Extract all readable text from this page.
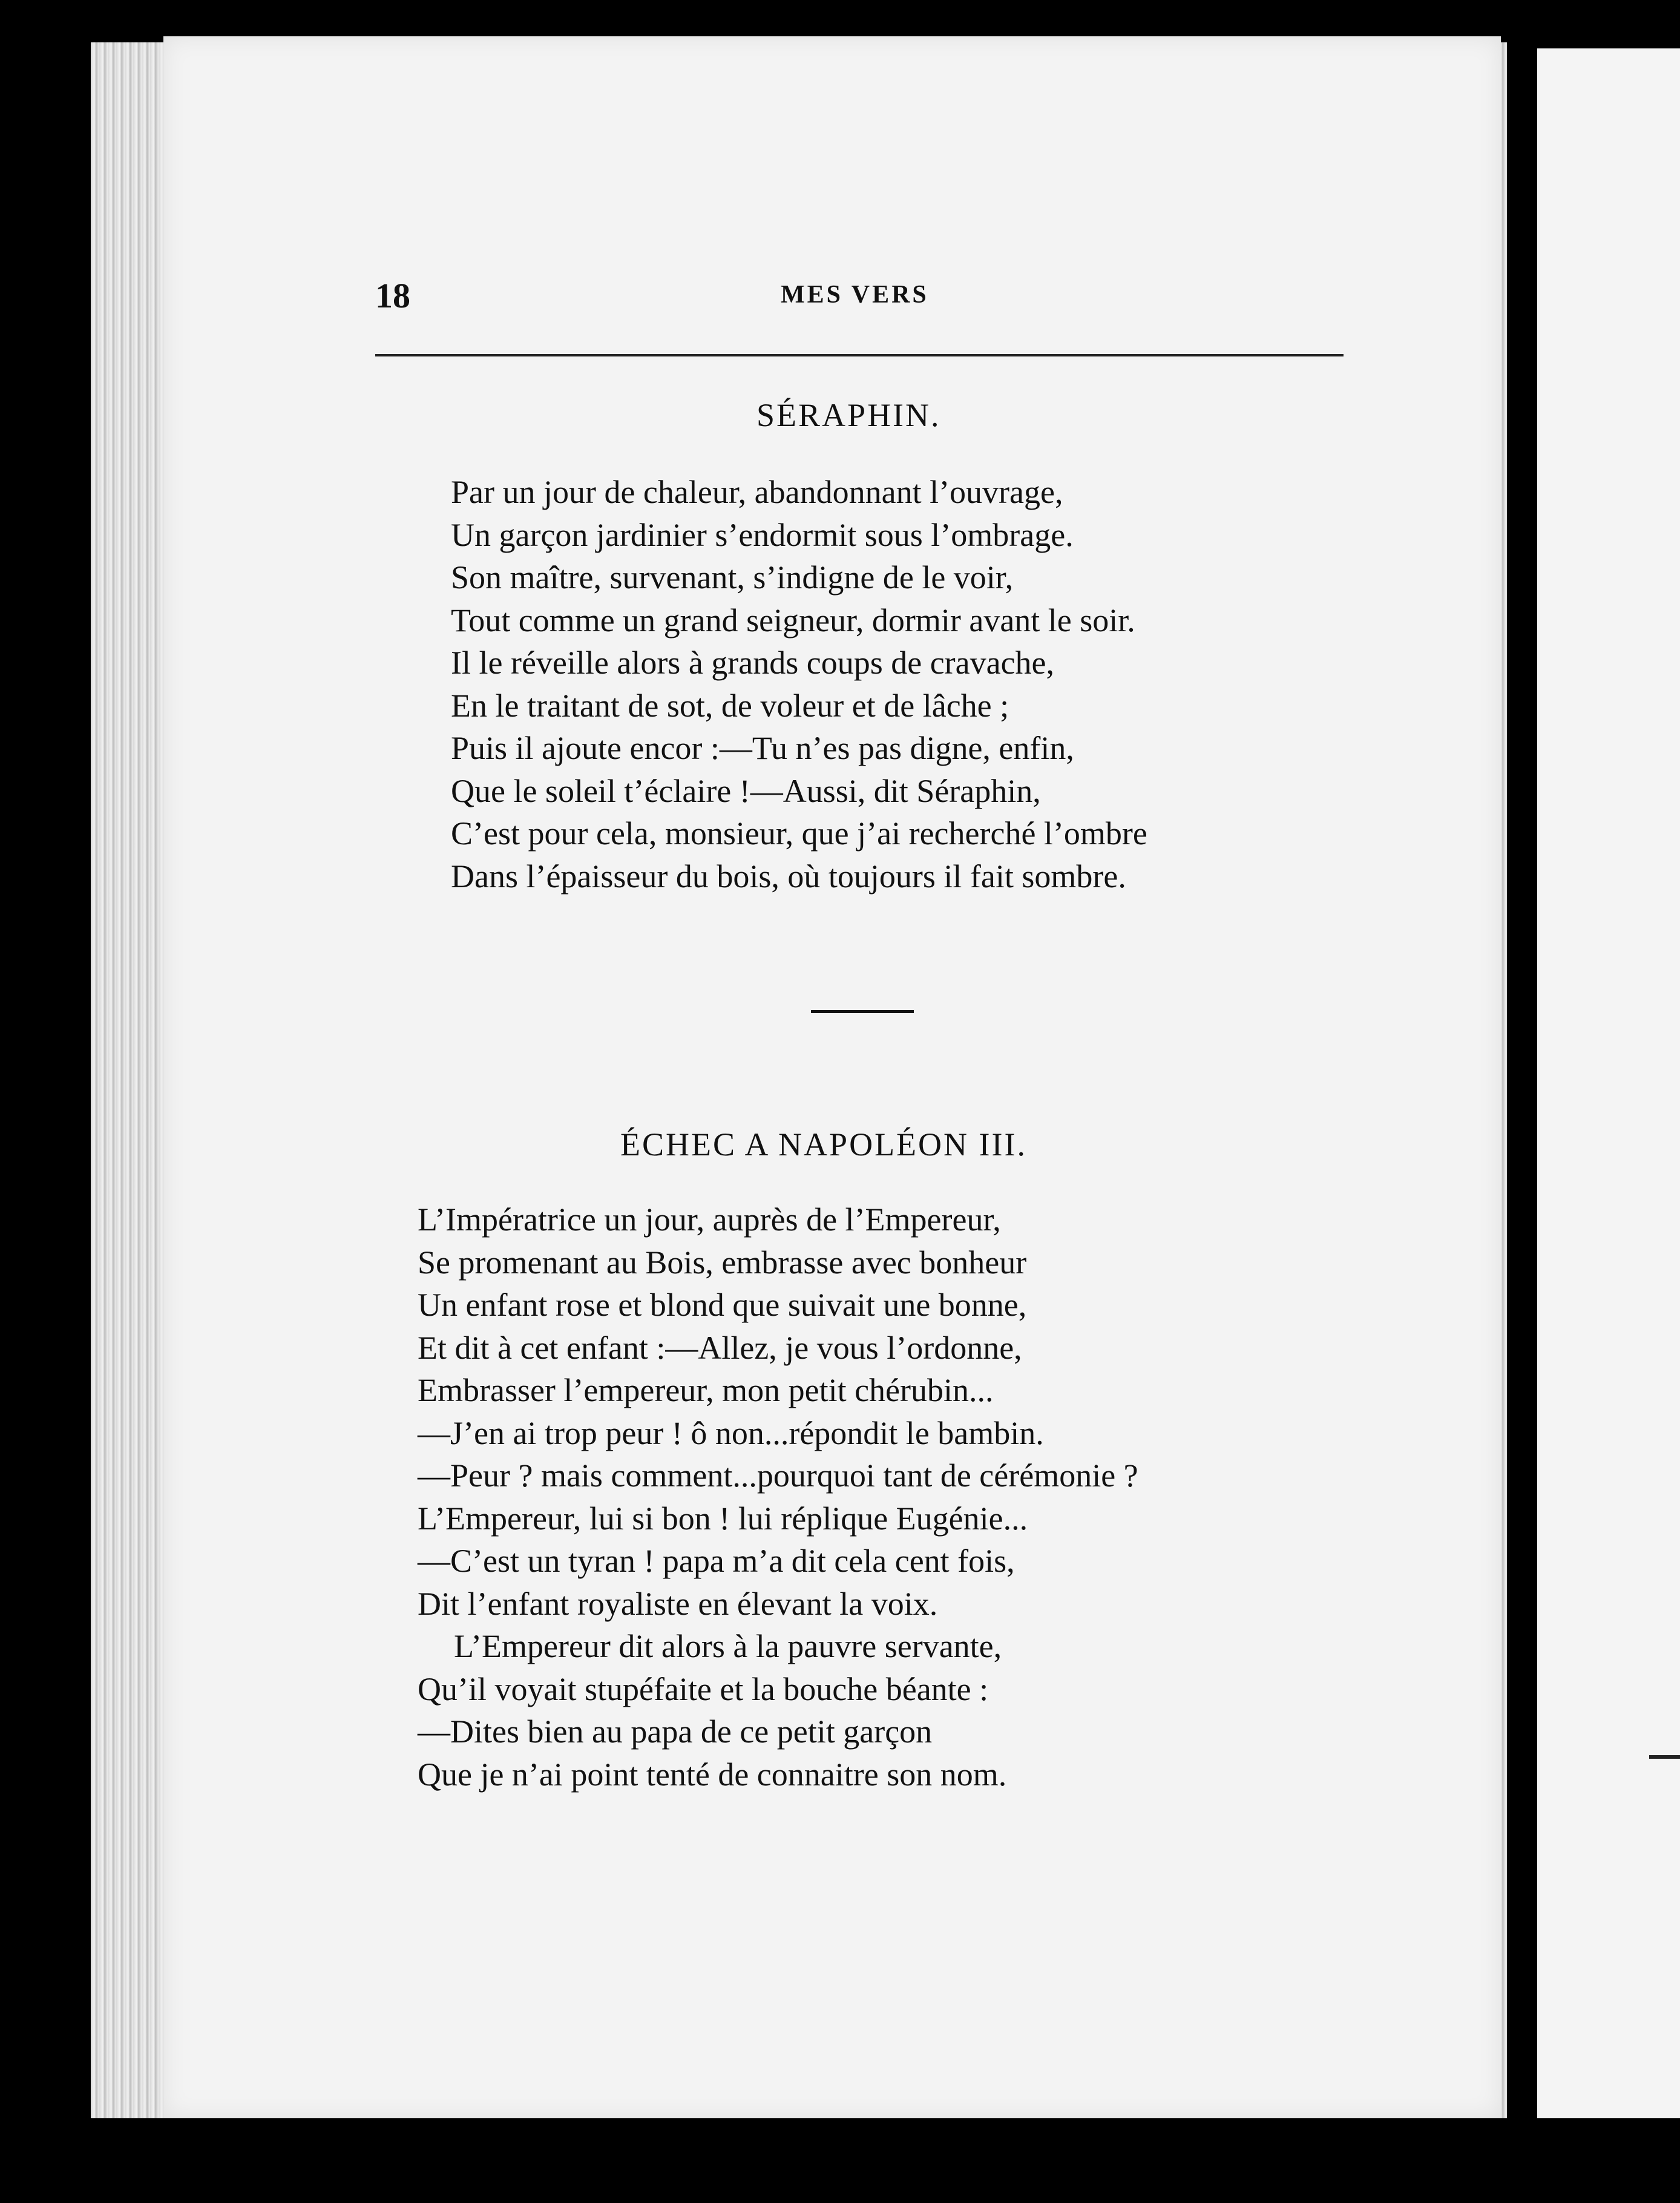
18	MES VERS
SÉRAPHIN.
Par un jour de chaleur, abandonnant l’ouvrage,
Un garçon jardinier s’endormit sous l’ombrage.
Son maître, survenant, s’indigne de le voir,
Tout comme un grand seigneur, dormir avant le soir.
Il le réveille alors à grands coups de cravache,
En le traitant de sot, de voleur et de lâche ;
Puis il ajoute encor :—Tu n’es pas digne, enfin,
Que le soleil t’éclaire !—Aussi, dit Séraphin,
C’est pour cela, monsieur, que j’ai recherché l’ombre
Dans l’épaisseur du bois, où toujours il fait sombre.
ÉCHEC A NAPOLÉON III.
L’Impératrice un jour, auprès de l’Empereur,
Se promenant au Bois, embrasse avec bonheur
Un enfant rose et blond que suivait une bonne,
Et dit à cet enfant :—Allez, je vous l’ordonne,
Embrasser l’empereur, mon petit chérubin...
—J’en ai trop peur ! ô non...répondit le bambin.
—Peur ? mais comment...pourquoi tant de cérémonie ?
L’Empereur, lui si bon ! lui réplique Eugénie...
—C’est un tyran ! papa m’a dit cela cent fois,
Dit l’enfant royaliste en élevant la voix.
L’Empereur dit alors à la pauvre servante,
Qu’il voyait stupéfaite et la bouche béante :
—Dites bien au papa de ce petit garçon
Que je n’ai point tenté de connaitre son nom.
